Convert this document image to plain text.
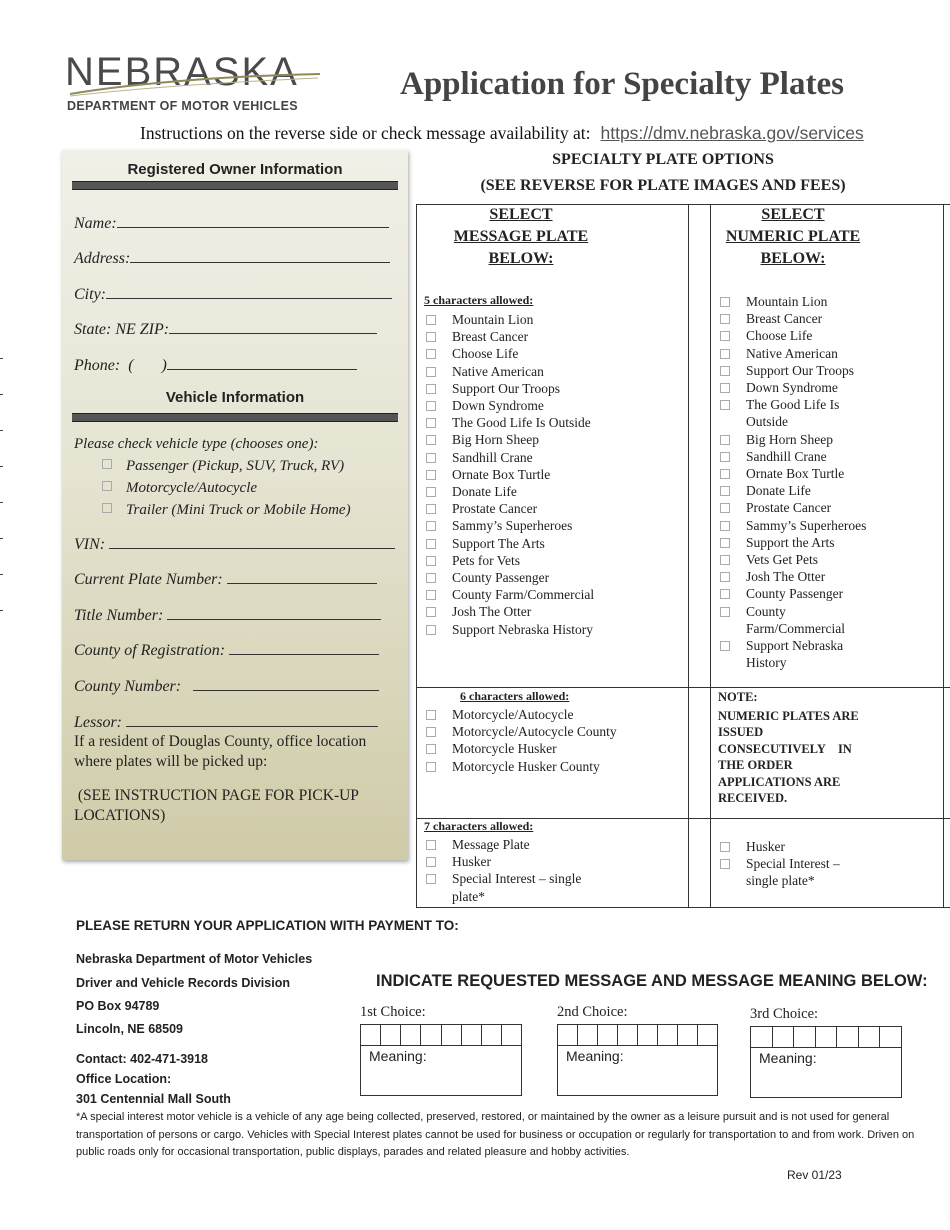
NEBRASKA
DEPARTMENT OF MOTOR VEHICLES
Application for Specialty Plates
Instructions on the reverse side or check message availability at: https://dmv.nebraska.gov/services
Registered Owner Information
Name:
Address:
City:
State: NE ZIP:
Phone:  (       )
Vehicle Information
Please check vehicle type (chooses one):
Passenger (Pickup, SUV, Truck, RV)
Motorcycle/Autocycle
Trailer (Mini Truck or Mobile Home)
VIN:
Current Plate Number:
Title Number:
County of Registration:
County Number:
Lessor:
If a resident of Douglas County, office location where plates will be picked up:
(SEE INSTRUCTION PAGE FOR PICK-UP LOCATIONS)
SPECIALTY PLATE OPTIONS
(SEE REVERSE FOR PLATE IMAGES AND FEES)
SELECT
MESSAGE PLATE
BELOW:
SELECT
NUMERIC PLATE
BELOW:
5 characters allowed:
Mountain Lion
Breast Cancer
Choose Life
Native American
Support Our Troops
Down Syndrome
The Good Life Is Outside
Big Horn Sheep
Sandhill Crane
Ornate Box Turtle
Donate Life
Prostate Cancer
Sammy’s Superheroes
Support The Arts
Pets for Vets
County Passenger
County Farm/Commercial
Josh The Otter
Support Nebraska History
Mountain Lion
Breast Cancer
Choose Life
Native American
Support Our Troops
Down Syndrome
The Good Life Is Outside
Big Horn Sheep
Sandhill Crane
Ornate Box Turtle
Donate Life
Prostate Cancer
Sammy’s Superheroes
Support the Arts
Vets Get Pets
Josh The Otter
County Passenger
County Farm/Commercial
Support Nebraska History
6 characters allowed:
Motorcycle/Autocycle
Motorcycle/Autocycle County
Motorcycle Husker
Motorcycle Husker County
NOTE:
NUMERIC PLATES ARE ISSUED CONSECUTIVELY    IN THE ORDER APPLICATIONS ARE RECEIVED.
7 characters allowed:
Message Plate
Husker
Special Interest – single plate*
Husker
Special Interest – single plate*
PLEASE RETURN YOUR APPLICATION WITH PAYMENT TO:
Nebraska Department of Motor Vehicles
Driver and Vehicle Records Division
PO Box 94789
Lincoln, NE 68509
Contact: 402-471-3918
Office Location:
301 Centennial Mall South
INDICATE REQUESTED MESSAGE AND MESSAGE MEANING BELOW:
1st Choice:
Meaning:
2nd Choice:
Meaning:
3rd Choice:
Meaning:
*A special interest motor vehicle is a vehicle of any age being collected, preserved, restored, or maintained by the owner as a leisure pursuit and is not used for general transportation of persons or cargo. Vehicles with Special Interest plates cannot be used for business or occupation or regularly for transportation to and from work. Driven on public roads only for occasional transportation, public displays, parades and related pleasure and hobby activities.
Rev 01/23
